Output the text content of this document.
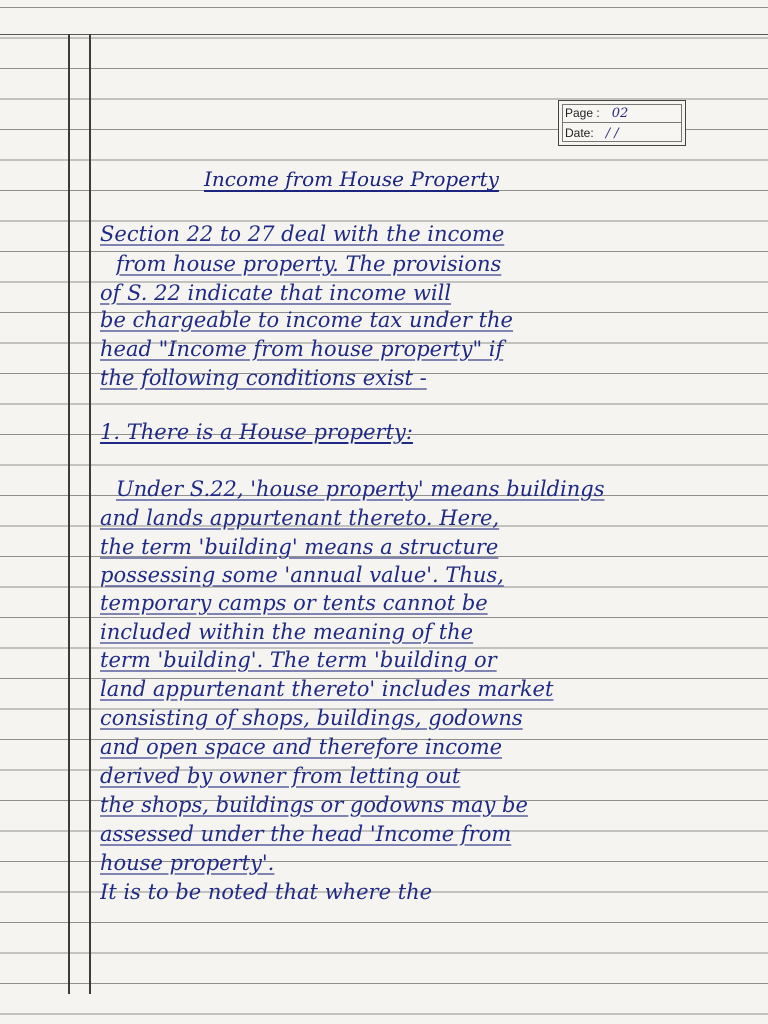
Page : 02
Date: / /
Income from House Property
Section 22 to 27 deal with the income
from house property. The provisions
of S. 22 indicate that income will
be chargeable to income tax under the
head "Income from house property" if
the following conditions exist -
1. There is a House property:
Under S.22, 'house property' means buildings
and lands appurtenant thereto. Here,
the term 'building' means a structure
possessing some 'annual value'. Thus,
temporary camps or tents cannot be
included within the meaning of the
term 'building'. The term 'building or
land appurtenant thereto' includes market
consisting of shops, buildings, godowns
and open space and therefore income
derived by owner from letting out
the shops, buildings or godowns may be
assessed under the head 'Income from
house property'.
It is to be noted that where the
